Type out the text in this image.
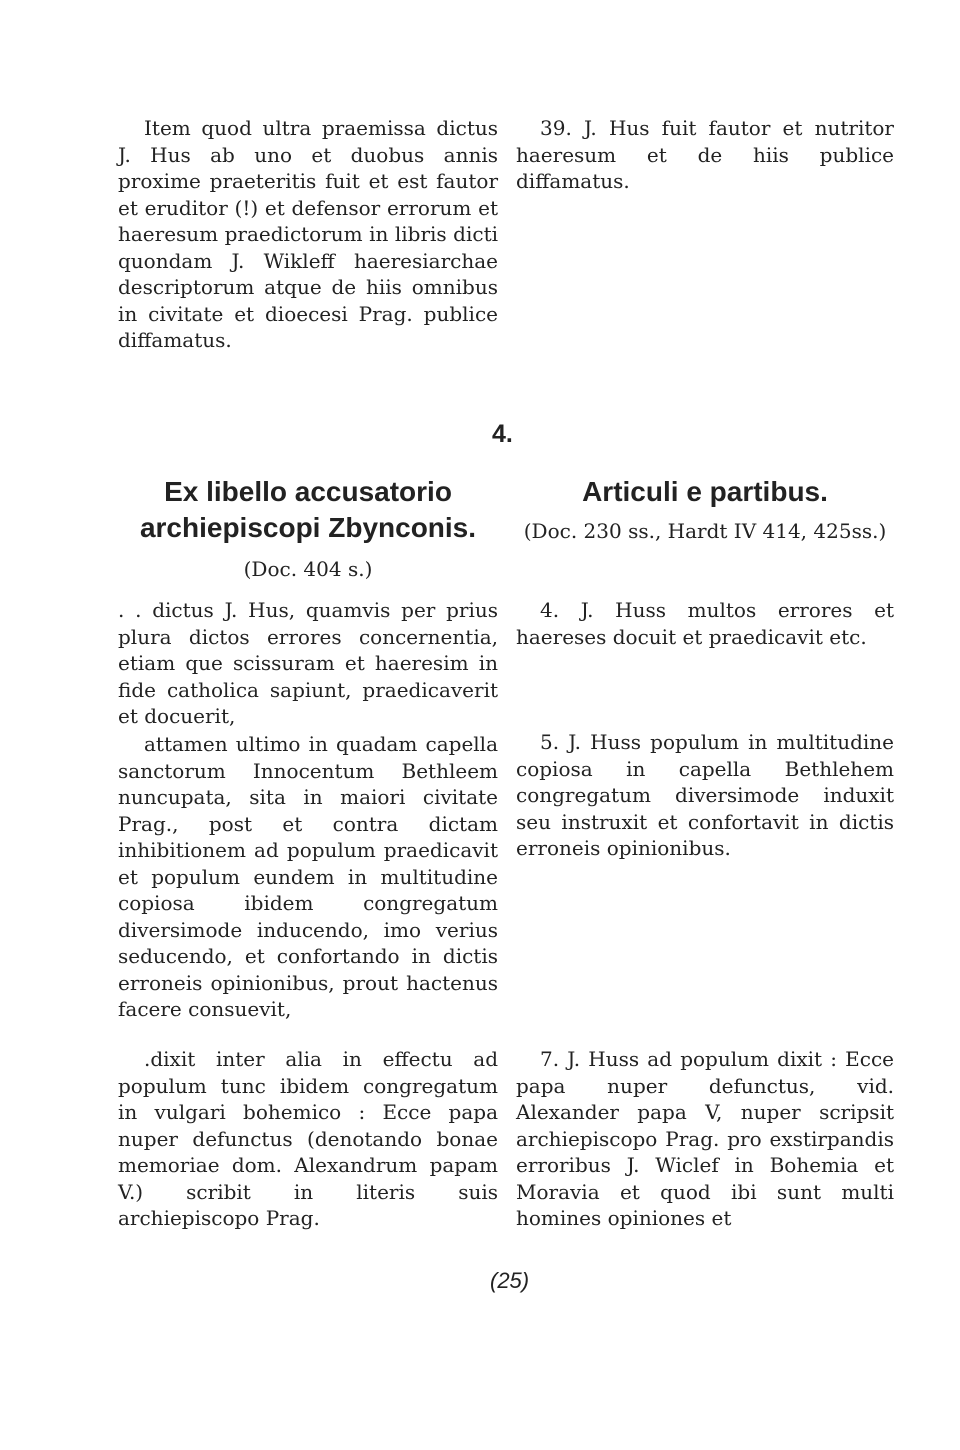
Item quod ultra praemissa dictus J. Hus ab uno et duobus annis proxime praeteritis fuit et est fautor et eruditor (!) et defensor errorum et haeresum praedictorum in libris dicti quondam J. Wikleff haeresiarchae descriptorum atque de hiis omnibus in civitate et dioecesi Prag. publice diffamatus.

Ex libello accusatorio
archiepiscopi Zbynconis.

(Doc. 404 s.)

. . dictus J. Hus, quamvis per prius plura dictos errores concernentia, etiam que scissuram et haeresim in fide catholica sapiunt, praedicaverit et docuerit,

attamen ultimo in quadam capella sanctorum Innocentum Bethleem nuncupata, sita in maiori civitate Prag., post et contra dictam inhibitionem ad populum praedicavit et populum eundem in multitudine copiosa ibidem congregatum diversimode inducendo, imo verius seducendo, et confortando in dictis erroneis opinionibus, prout hactenus facere consuevit,

.dixit inter alia in effectu ad populum tunc ibidem congregatum in vulgari bohemico : Ecce papa nuper defunctus (denotando bonae memoriae dom. Alexandrum papam V.) scribit in literis suis archiepiscopo Prag.

4.

39. J. Hus fuit fautor et nutritor haeresum et de hiis publice diffamatus.

Articuli e partibus.

(Doc. 230 ss., Hardt IV 414, 425ss.)

4. J. Huss multos errores et haereses docuit et praedicavit etc.

5. J. Huss populum in multitudine copiosa in capella Bethlehem congregatum diversimode induxit seu instruxit et confortavit in dictis erroneis opinionibus.

7. J. Huss ad populum dixit : Ecce papa nuper defunctus, vid. Alexander papa V, nuper scripsit archiepiscopo Prag. pro exstirpandis erroribus J. Wiclef in Bohemia et Moravia et quod ibi sunt multi homines opiniones et

(25)
